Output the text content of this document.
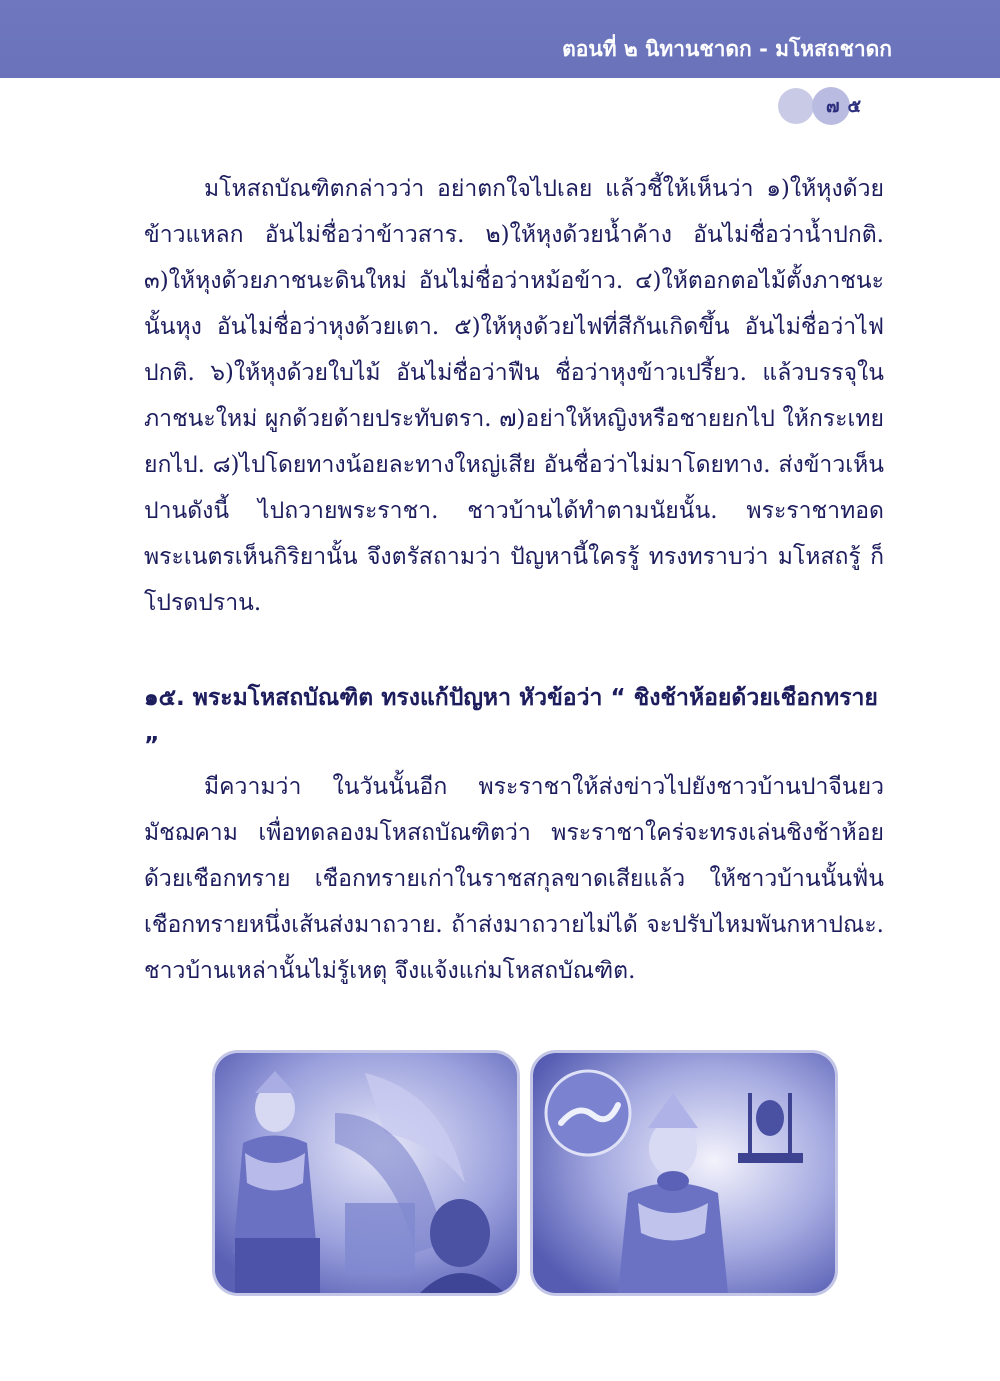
ตอนที่ ๒ นิทานชาดก - มโหสถชาดก
๗๕

มโหสถบัณฑิตกล่าวว่า อย่าตกใจไปเลย แล้วชี้ให้เห็นว่า ๑)ให้หุงด้วยข้าวแหลก อันไม่ชื่อว่าข้าวสาร. ๒)ให้หุงด้วยน้ำค้าง อันไม่ชื่อว่าน้ำปกติ. ๓)ให้หุงด้วยภาชนะดินใหม่ อันไม่ชื่อว่าหม้อข้าว. ๔)ให้ตอกตอไม้ตั้งภาชนะนั้นหุง อันไม่ชื่อว่าหุงด้วยเตา. ๕)ให้หุงด้วยไฟที่สีกันเกิดขึ้น อันไม่ชื่อว่าไฟปกติ. ๖)ให้หุงด้วยใบไม้ อันไม่ชื่อว่าฟืน ชื่อว่าหุงข้าวเปรี้ยว. แล้วบรรจุในภาชนะใหม่ ผูกด้วยด้ายประทับตรา. ๗)อย่าให้หญิงหรือชายยกไป ให้กระเทยยกไป. ๘)ไปโดยทางน้อยละทางใหญ่เสีย อันชื่อว่าไม่มาโดยทาง. ส่งข้าวเห็นปานดังนี้ ไปถวายพระราชา. ชาวบ้านได้ทำตามนัยนั้น. พระราชาทอดพระเนตรเห็นกิริยานั้น จึงตรัสถามว่า ปัญหานี้ใครรู้ ทรงทราบว่า มโหสถรู้ ก็โปรดปราน.

๑๕. พระมโหสถบัณฑิต ทรงแก้ปัญหา หัวข้อว่า “ ชิงช้าห้อยด้วยเชือกทราย ”

มีความว่า ในวันนั้นอีก พระราชาให้ส่งข่าวไปยังชาวบ้านปาจีนยวมัชฌคาม เพื่อทดลองมโหสถบัณฑิตว่า พระราชาใคร่จะทรงเล่นชิงช้าห้อยด้วยเชือกทราย เชือกทรายเก่าในราชสกุลขาดเสียแล้ว ให้ชาวบ้านนั้นฟั่นเชือกทรายหนึ่งเส้นส่งมาถวาย. ถ้าส่งมาถวายไม่ได้ จะปรับไหมพันกหาปณะ. ชาวบ้านเหล่านั้นไม่รู้เหตุ จึงแจ้งแก่มโหสถบัณฑิต.
